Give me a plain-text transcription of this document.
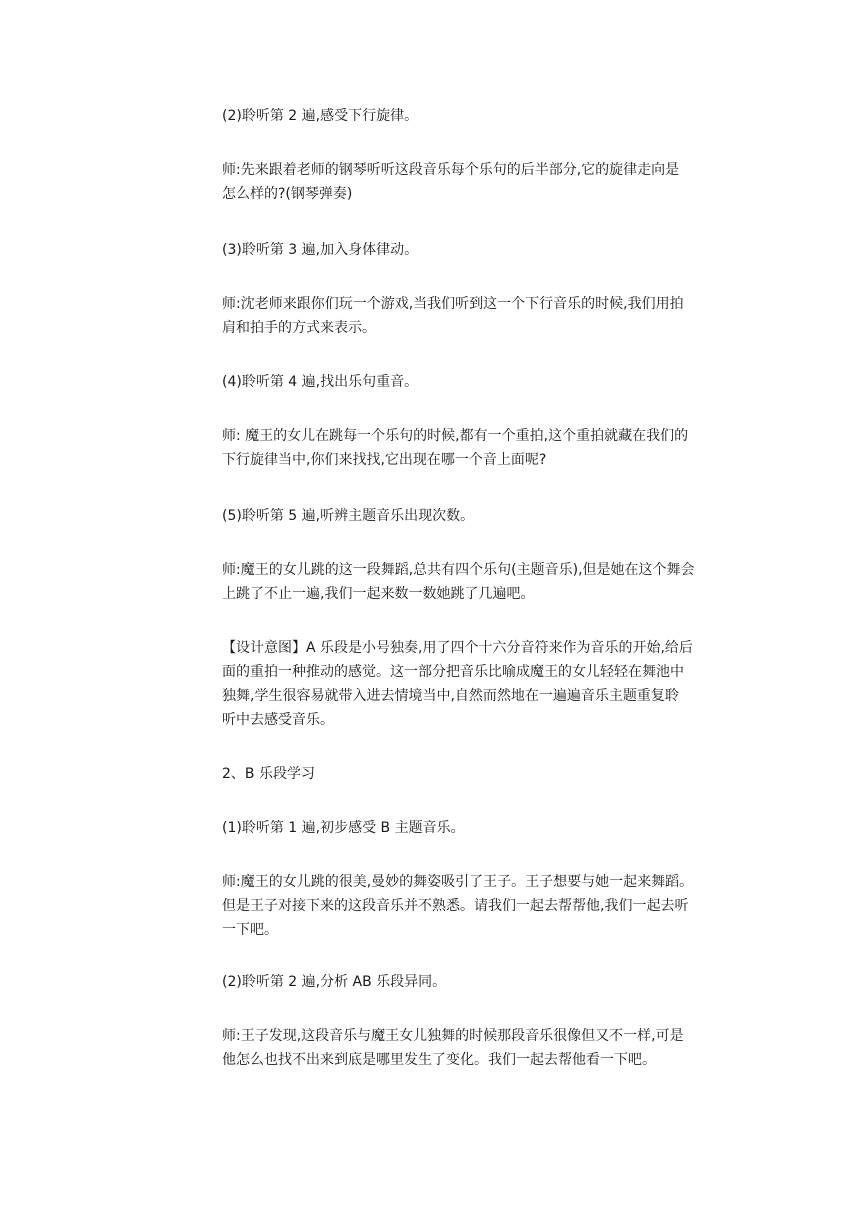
(2)聆听第 2 遍,感受下行旋律。

师:先来跟着老师的钢琴听听这段音乐每个乐句的后半部分,它的旋律走向是
怎么样的?(钢琴弹奏)

(3)聆听第 3 遍,加入身体律动。

师:沈老师来跟你们玩一个游戏,当我们听到这一个下行音乐的时候,我们用拍
肩和拍手的方式来表示。

(4)聆听第 4 遍,找出乐句重音。

师: 魔王的女儿在跳每一个乐句的时候,都有一个重拍,这个重拍就藏在我们的
下行旋律当中,你们来找找,它出现在哪一个音上面呢?

(5)聆听第 5 遍,听辨主题音乐出现次数。

师:魔王的女儿跳的这一段舞蹈,总共有四个乐句(主题音乐),但是她在这个舞会
上跳了不止一遍,我们一起来数一数她跳了几遍吧。

【设计意图】A 乐段是小号独奏,用了四个十六分音符来作为音乐的开始,给后
面的重拍一种推动的感觉。这一部分把音乐比喻成魔王的女儿轻轻在舞池中
独舞,学生很容易就带入进去情境当中,自然而然地在一遍遍音乐主题重复聆
听中去感受音乐。

2、B 乐段学习

(1)聆听第 1 遍,初步感受 B 主题音乐。

师:魔王的女儿跳的很美,曼妙的舞姿吸引了王子。王子想要与她一起来舞蹈。
但是王子对接下来的这段音乐并不熟悉。请我们一起去帮帮他,我们一起去听
一下吧。

(2)聆听第 2 遍,分析 AB 乐段异同。

师:王子发现,这段音乐与魔王女儿独舞的时候那段音乐很像但又不一样,可是
他怎么也找不出来到底是哪里发生了变化。我们一起去帮他看一下吧。
